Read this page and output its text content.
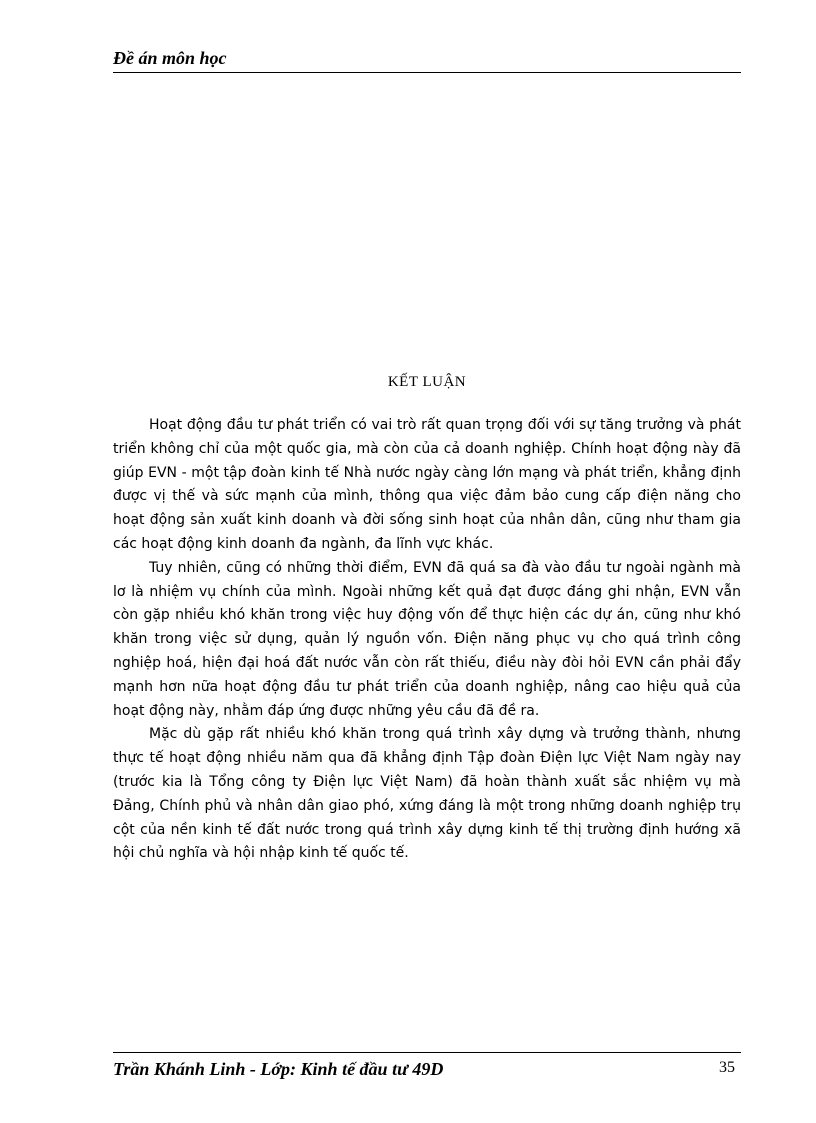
Đề án môn học
KẾT LUẬN

Hoạt động đầu tư phát triển có vai trò rất quan trọng đối với sự tăng trưởng và phát triển không chỉ của một quốc gia, mà còn của cả doanh nghiệp. Chính hoạt động này đã giúp EVN - một tập đoàn kinh tế Nhà nước ngày càng lớn mạng và phát triển, khẳng định được vị thế và sức mạnh của mình, thông qua việc đảm bảo cung cấp điện năng cho hoạt động sản xuất kinh doanh và đời sống sinh hoạt của nhân dân, cũng như tham gia các hoạt động kinh doanh đa ngành, đa lĩnh vực khác.

Tuy nhiên, cũng có những thời điểm, EVN đã quá sa đà vào đầu tư ngoài ngành mà lơ là nhiệm vụ chính của mình. Ngoài những kết quả đạt được đáng ghi nhận, EVN vẫn còn gặp nhiều khó khăn trong việc huy động vốn để thực hiện các dự án, cũng như khó khăn trong việc sử dụng, quản lý nguồn vốn. Điện năng phục vụ cho quá trình công nghiệp hoá, hiện đại hoá đất nước vẫn còn rất thiếu, điều này đòi hỏi EVN cần phải đẩy mạnh hơn nữa hoạt động đầu tư phát triển của doanh nghiệp, nâng cao hiệu quả của hoạt động này, nhằm đáp ứng được những yêu cầu đã đề ra.

Mặc dù gặp rất nhiều khó khăn trong quá trình xây dựng và trưởng thành, nhưng thực tế hoạt động nhiều năm qua đã khẳng định Tập đoàn Điện lực Việt Nam ngày nay (trước kia là Tổng công ty Điện lực Việt Nam) đã hoàn thành xuất sắc nhiệm vụ mà Đảng, Chính phủ và nhân dân giao phó, xứng đáng là một trong những doanh nghiệp trụ cột của nền kinh tế đất nước trong quá trình xây dựng kinh tế thị trường định hướng xã hội chủ nghĩa và hội nhập kinh tế quốc tế.

Trần Khánh Linh - Lớp: Kinh tế đầu tư 49D	35
